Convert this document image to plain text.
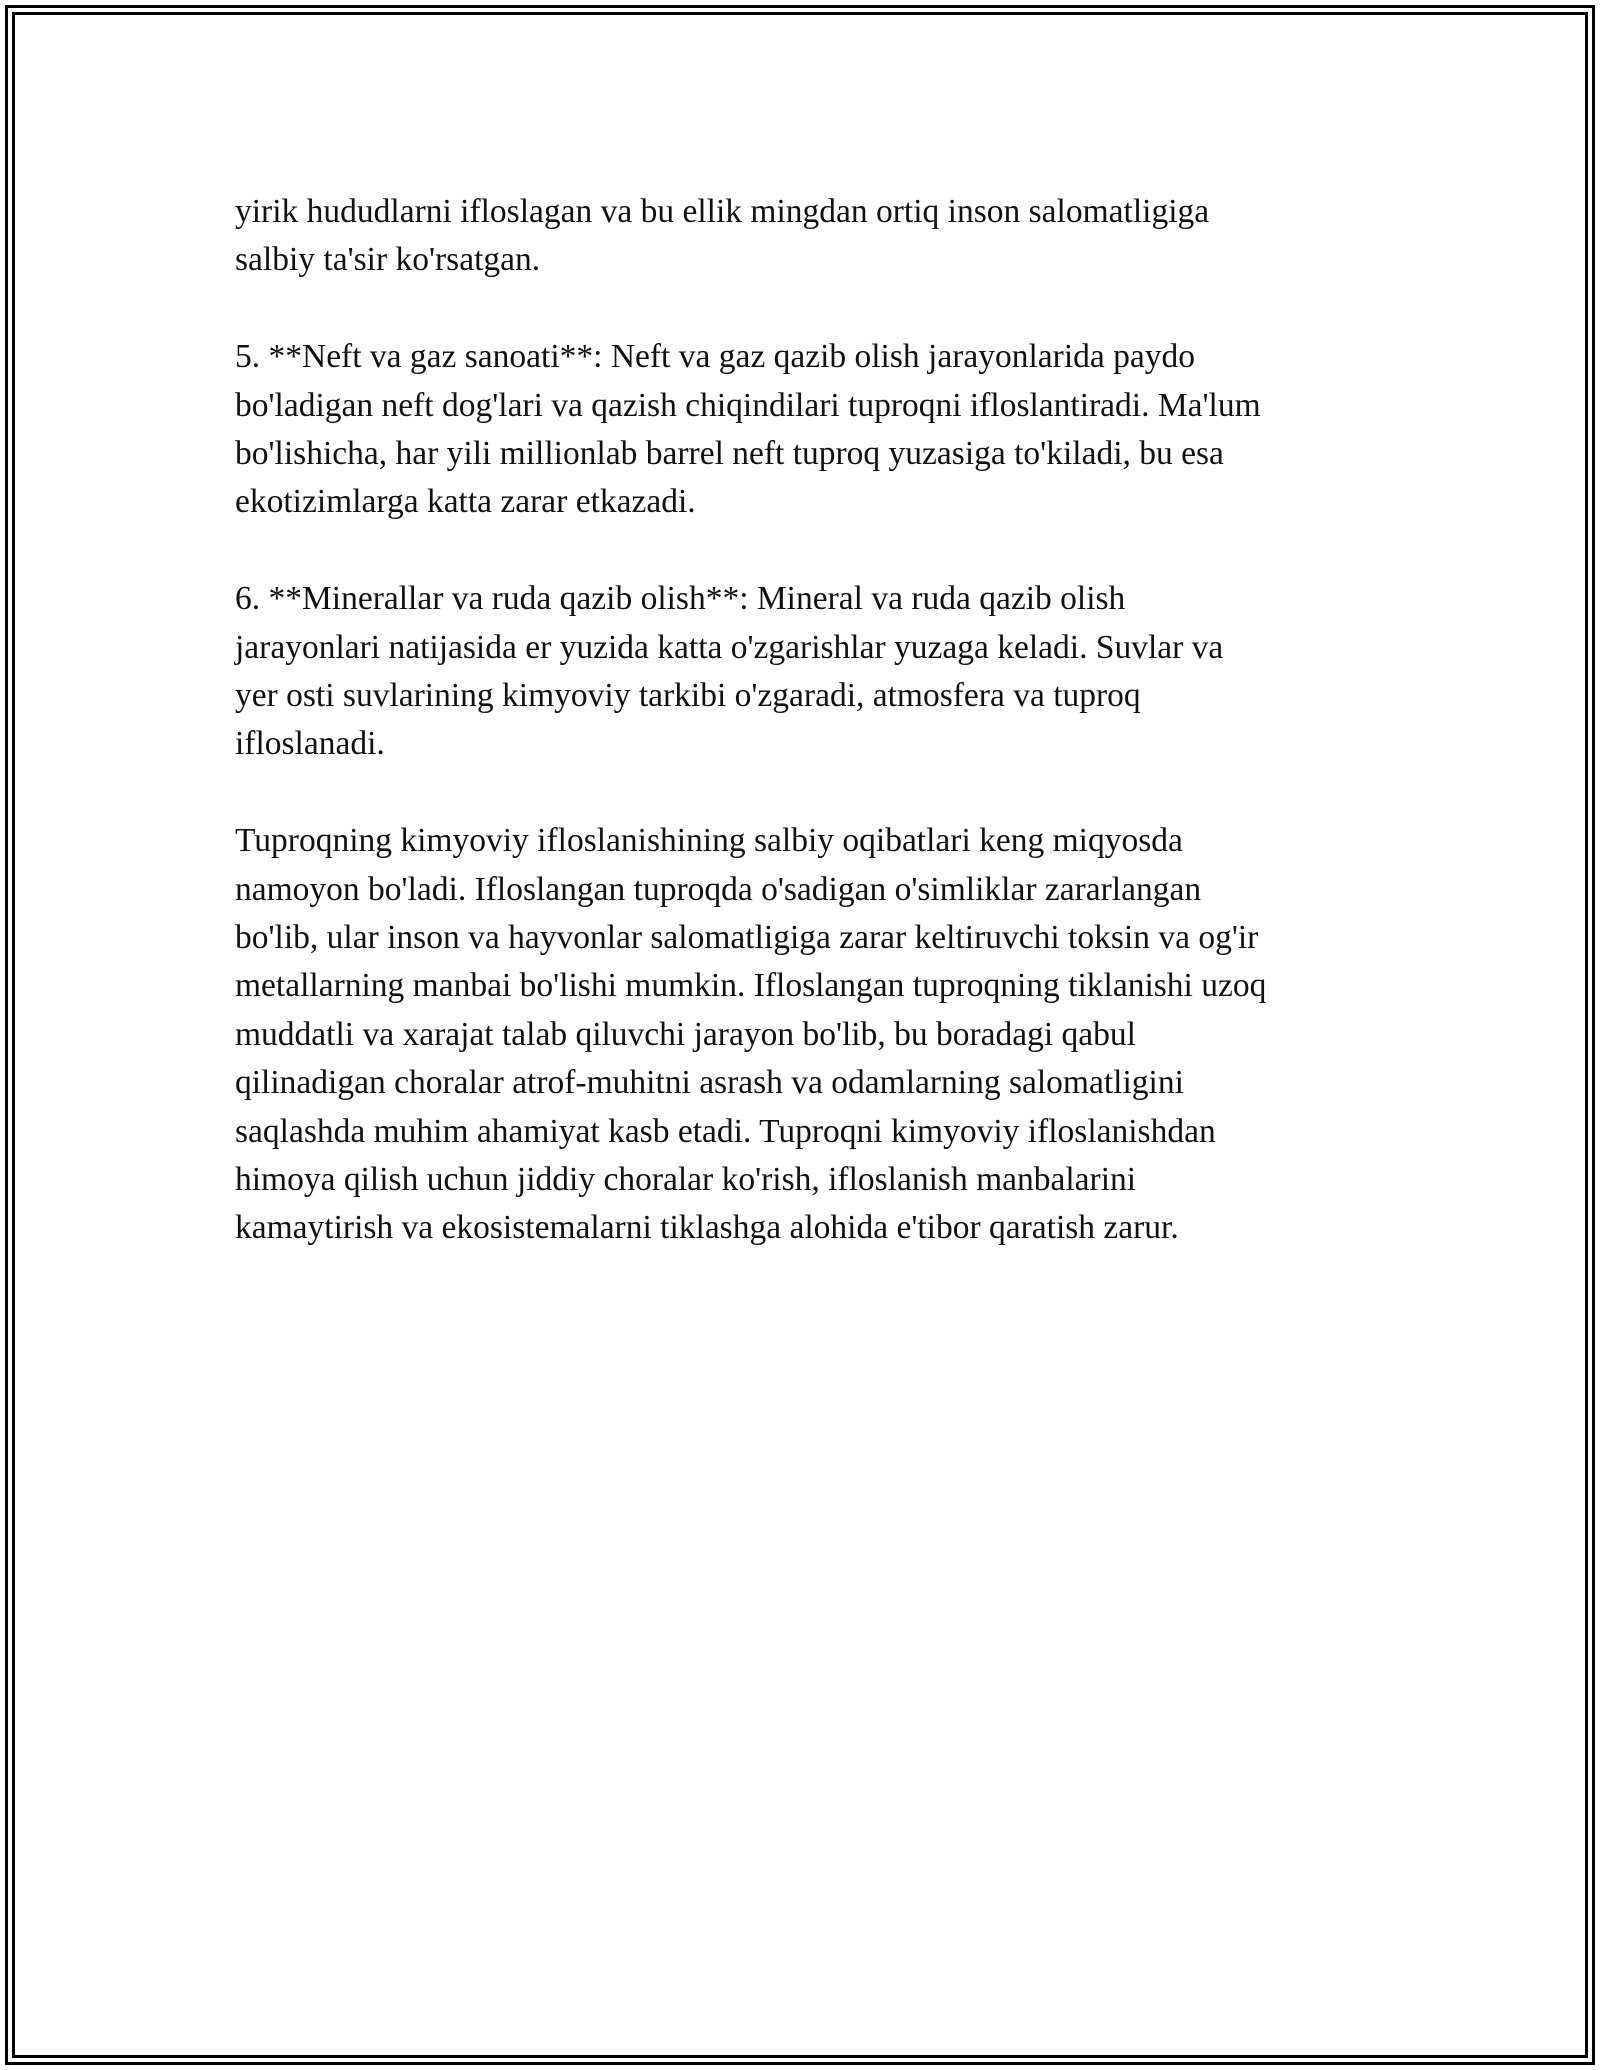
yirik hududlarni ifloslagan va bu ellik mingdan ortiq inson salomatligiga
salbiy ta'sir ko'rsatgan.

5. **Neft va gaz sanoati**: Neft va gaz qazib olish jarayonlarida paydo
bo'ladigan neft dog'lari va qazish chiqindilari tuproqni ifloslantiradi. Ma'lum
bo'lishicha, har yili millionlab barrel neft tuproq yuzasiga to'kiladi, bu esa
ekotizimlarga katta zarar etkazadi.

6. **Minerallar va ruda qazib olish**: Mineral va ruda qazib olish
jarayonlari natijasida er yuzida katta o'zgarishlar yuzaga keladi. Suvlar va
yer osti suvlarining kimyoviy tarkibi o'zgaradi, atmosfera va tuproq
ifloslanadi.

Tuproqning kimyoviy ifloslanishining salbiy oqibatlari keng miqyosda
namoyon bo'ladi. Ifloslangan tuproqda o'sadigan o'simliklar zararlangan
bo'lib, ular inson va hayvonlar salomatligiga zarar keltiruvchi toksin va og'ir
metallarning manbai bo'lishi mumkin. Ifloslangan tuproqning tiklanishi uzoq
muddatli va xarajat talab qiluvchi jarayon bo'lib, bu boradagi qabul
qilinadigan choralar atrof-muhitni asrash va odamlarning salomatligini
saqlashda muhim ahamiyat kasb etadi. Tuproqni kimyoviy ifloslanishdan
himoya qilish uchun jiddiy choralar ko'rish, ifloslanish manbalarini
kamaytirish va ekosistemalarni tiklashga alohida e'tibor qaratish zarur.
